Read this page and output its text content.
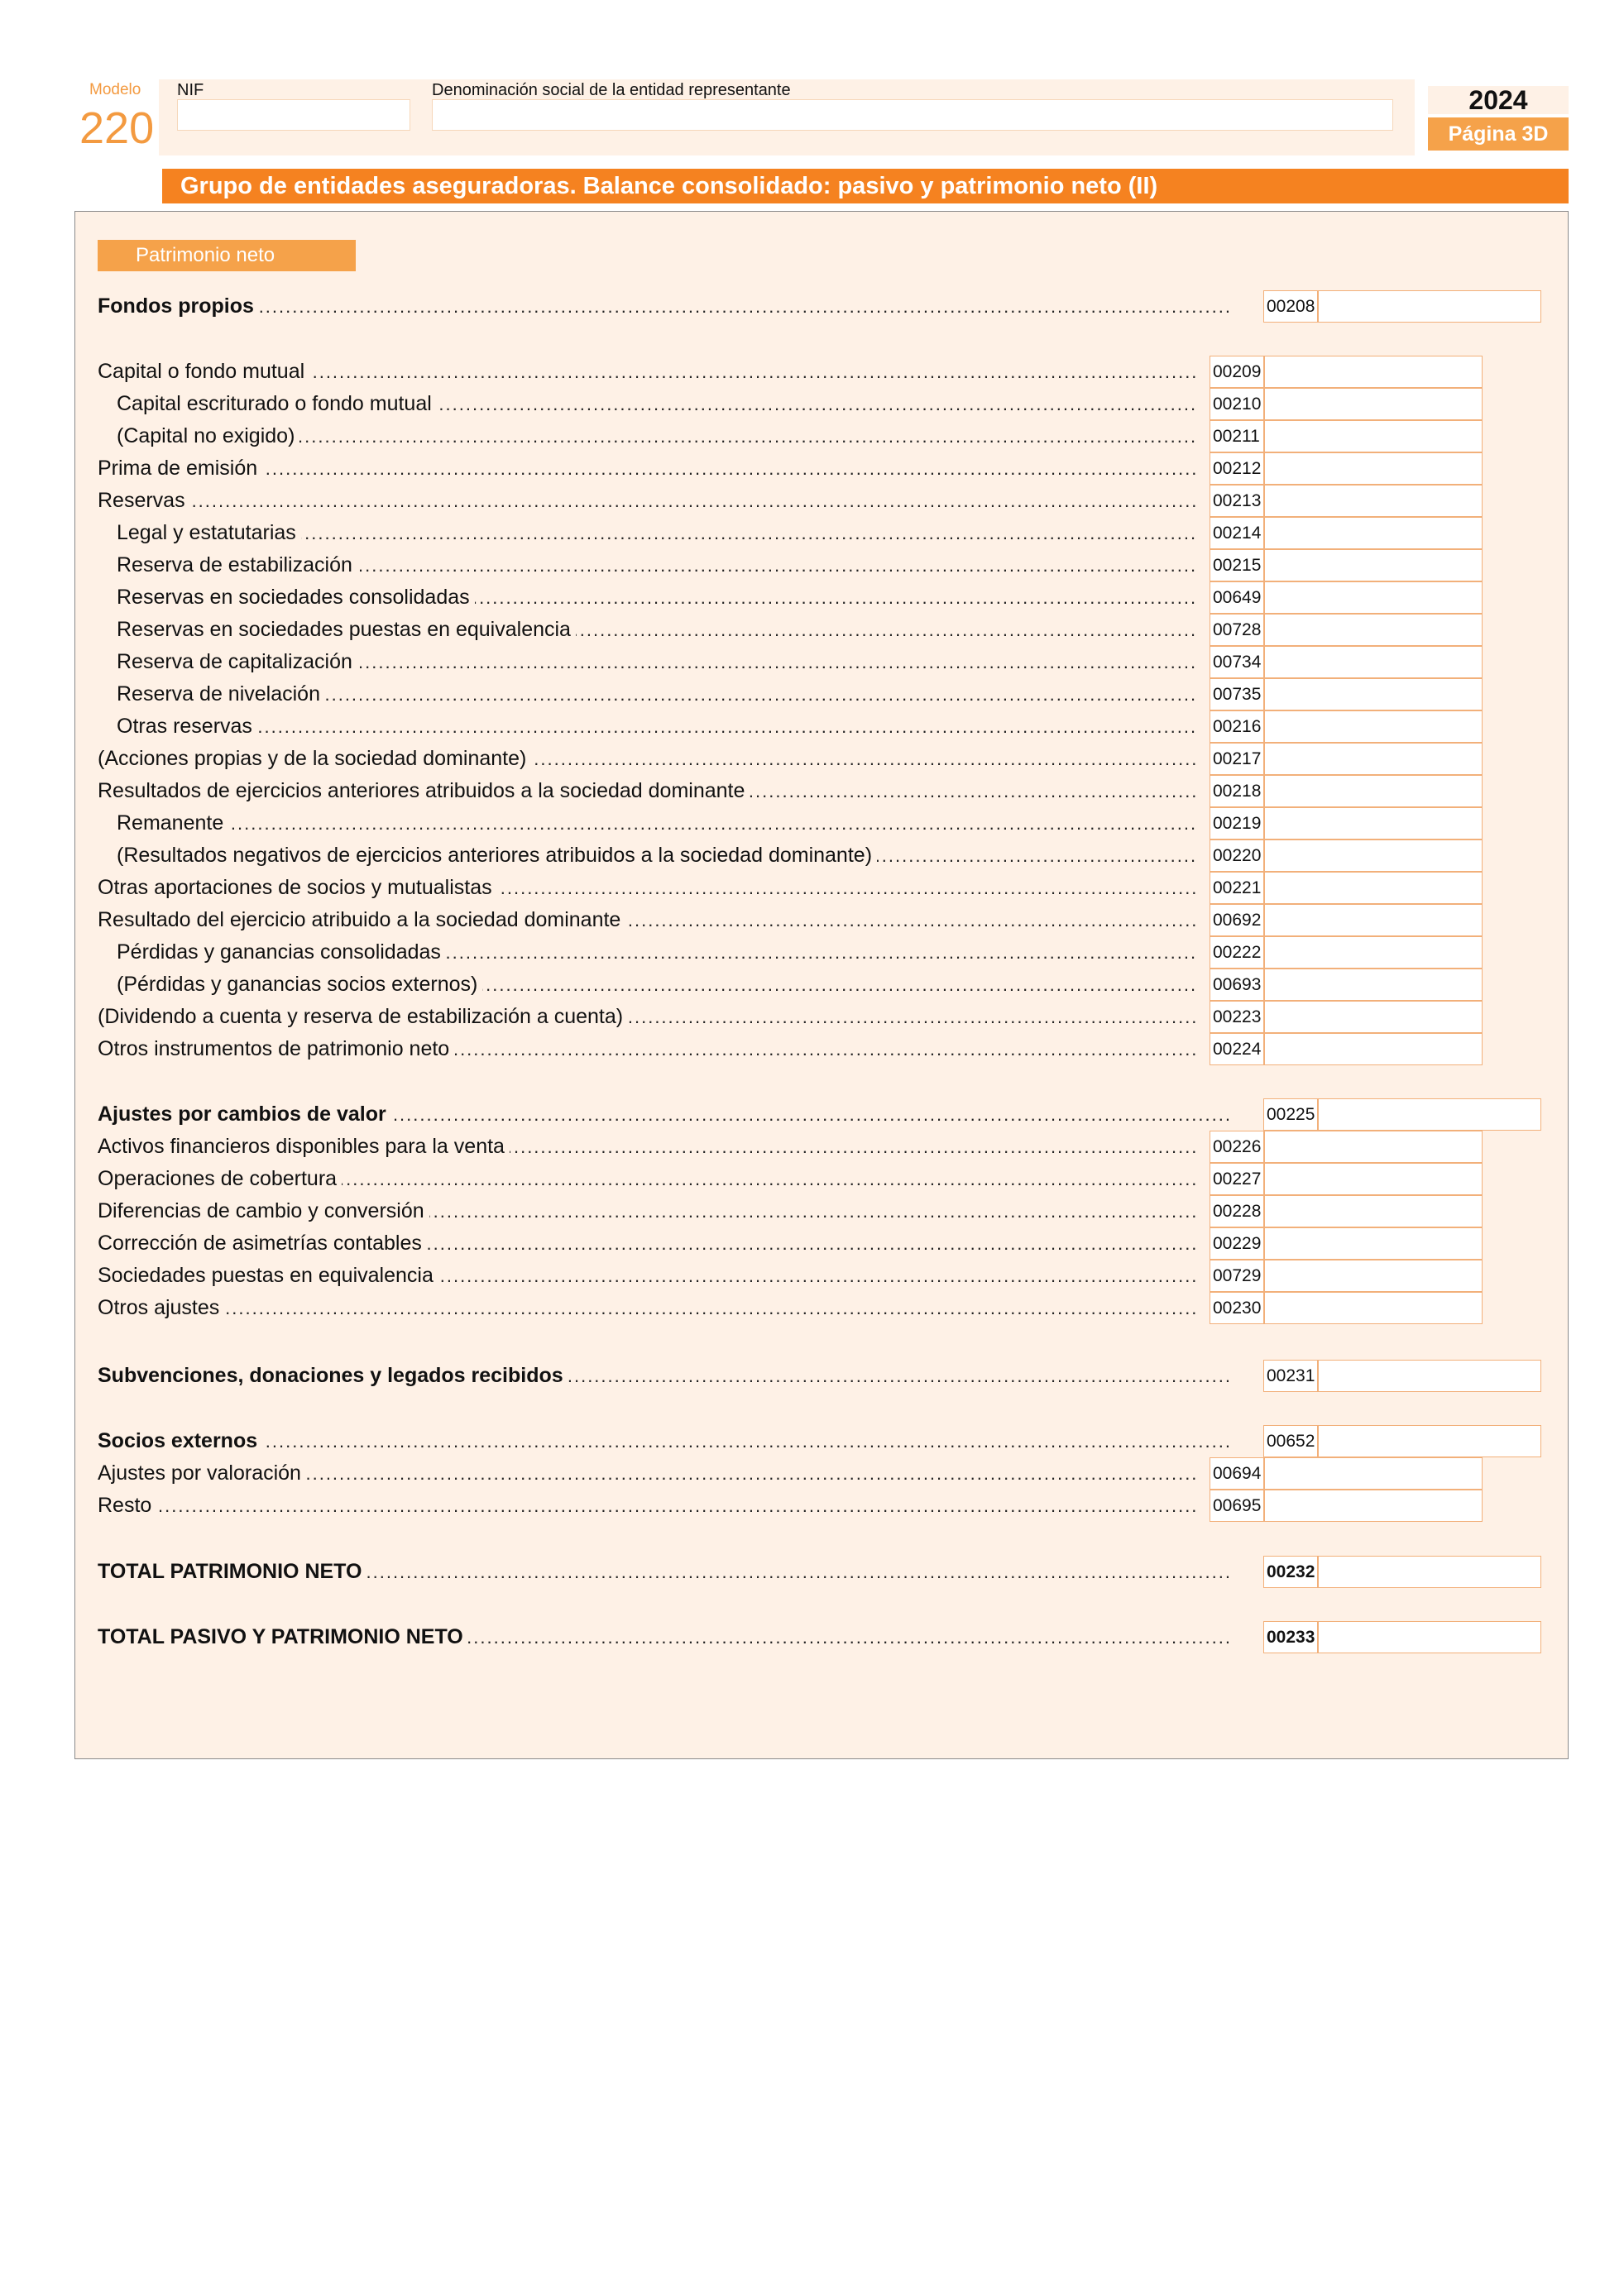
Modelo
220
NIF	Denominación social de la entidad representante	2024
Página 3D
Grupo de entidades aseguradoras. Balance consolidado: pasivo y patrimonio neto (II)
Patrimonio neto
Fondos propios .....	00208
Capital o fondo mutual .....	00209
Capital escriturado o fondo mutual .....	00210
(Capital no exigido) .....	00211
Prima de emisión .....	00212
Reservas .....	00213
Legal y estatutarias .....	00214
Reserva de estabilización .....	00215
Reservas en sociedades consolidadas .....	00649
Reservas en sociedades puestas en equivalencia .....	00728
Reserva de capitalización .....	00734
Reserva de nivelación .....	00735
Otras reservas .....	00216
(Acciones propias y de la sociedad dominante) .....	00217
Resultados de ejercicios anteriores atribuidos a la sociedad dominante .....	00218
Remanente .....	00219
(Resultados negativos de ejercicios anteriores atribuidos a la sociedad dominante) .....	00220
Otras aportaciones de socios y mutualistas .....	00221
Resultado del ejercicio atribuido a la sociedad dominante .....	00692
Pérdidas y ganancias consolidadas .....	00222
(Pérdidas y ganancias socios externos) .....	00693
(Dividendo a cuenta y reserva de estabilización a cuenta) .....	00223
Otros instrumentos de patrimonio neto .....	00224
Ajustes por cambios de valor .....	00225
Activos financieros disponibles para la venta .....	00226
Operaciones de cobertura .....	00227
Diferencias de cambio y conversión .....	00228
Corrección de asimetrías contables .....	00229
Sociedades puestas en equivalencia .....	00729
Otros ajustes .....	00230
Subvenciones, donaciones y legados recibidos .....	00231
Socios externos .....	00652
Ajustes por valoración .....	00694
Resto .....	00695
TOTAL PATRIMONIO NETO .....	00232
TOTAL PASIVO Y PATRIMONIO NETO .....	00233
